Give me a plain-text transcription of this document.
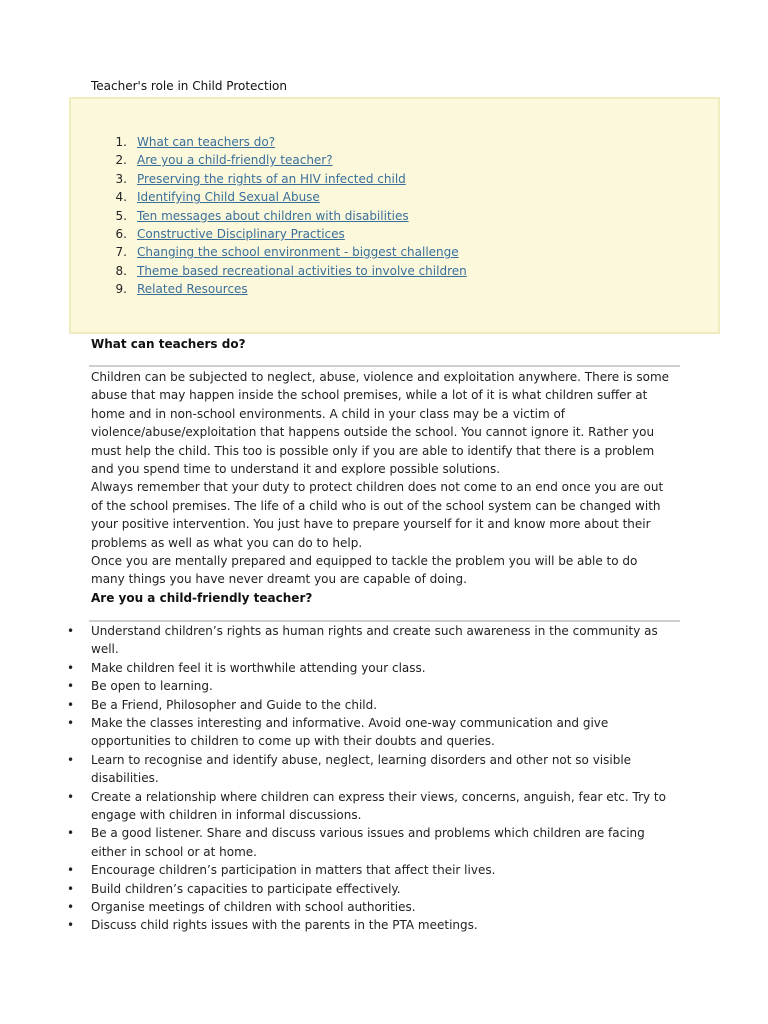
Teacher's role in Child Protection
1 .	What can teachers do?
2 .	Are you a child-friendly teacher?
3 .	Preserving the rights of an HIV infected child
4 .	Identifying Child Sexual Abuse
5 .	Ten messages about children with disabilities
6 .	Constructive Disciplinary Practices
7 .	Changing the school environment - biggest challenge
8 .	Theme based recreational activities to involve children
9 .	Related Resources
What can teachers do?
Children can be subjected to neglect, abuse, violence and exploitation anywhere. There is some
abuse that may happen inside the school premises, while a lot of it is what children suffer at
home and in non-school environments. A child in your class may be a victim of
violence/abuse/exploitation that happens outside the school. You cannot ignore it. Rather you
must help the child. This too is possible only if you are able to identify that there is a problem
and you spend time to understand it and explore possible solutions.
Always remember that your duty to protect children does not come to an end once you are out
of the school premises. The life of a child who is out of the school system can be changed with
your positive intervention. You just have to prepare yourself for it and know more about their
problems as well as what you can do to help.
Once you are mentally prepared and equipped to tackle the problem you will be able to do
many things you have never dreamt you are capable of doing.
Are you a child-friendly teacher?
• Understand children’s rights as human rights and create such awareness in the community as
well.
• Make children feel it is worthwhile attending your class.
• Be open to learning.
• Be a Friend, Philosopher and Guide to the child.
• Make the classes interesting and informative. Avoid one-way communication and give
opportunities to children to come up with their doubts and queries.
• Learn to recognise and identify abuse, neglect, learning disorders and other not so visible
disabilities.
• Create a relationship where children can express their views, concerns, anguish, fear etc. Try to
engage with children in informal discussions.
• Be a good listener. Share and discuss various issues and problems which children are facing
either in school or at home.
• Encourage children’s participation in matters that affect their lives.
• Build children’s capacities to participate effectively.
• Organise meetings of children with school authorities.
• Discuss child rights issues with the parents in the PTA meetings.
